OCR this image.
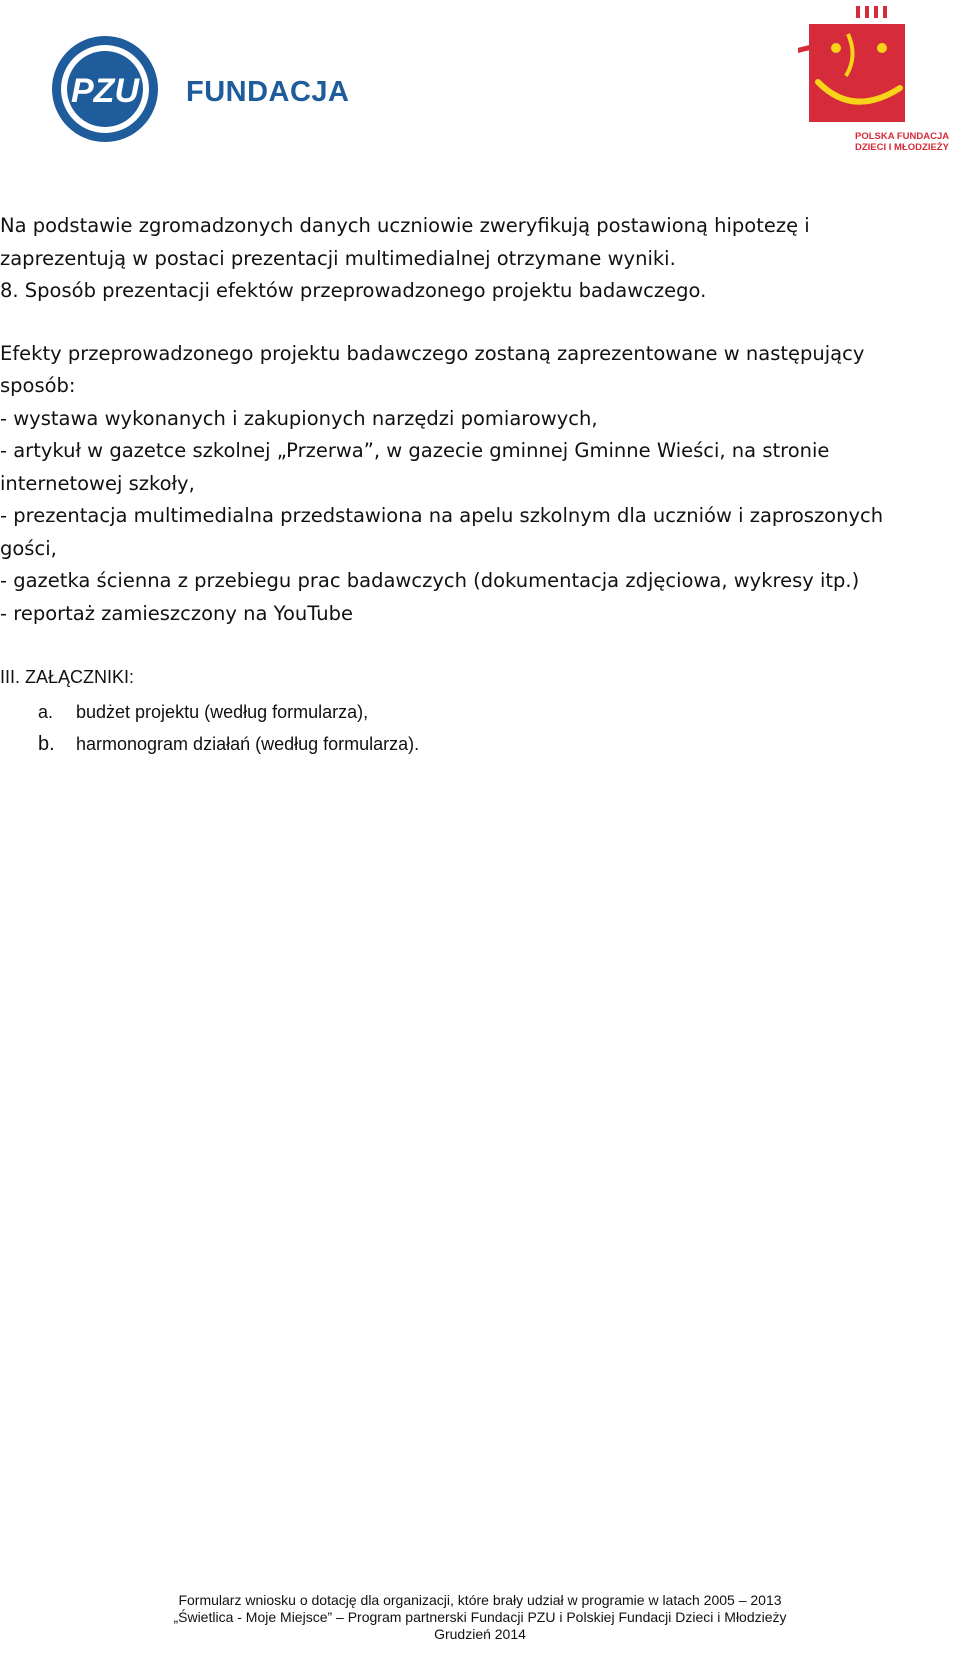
PZU FUNDACJA
POLSKA FUNDACJA
DZIECI I MŁODZIEŻY

Na podstawie zgromadzonych danych uczniowie zweryfikują postawioną hipotezę i

zaprezentują w postaci prezentacji multimedialnej otrzymane wyniki.

8. Sposób prezentacji efektów przeprowadzonego projektu badawczego.

Efekty przeprowadzonego projektu badawczego zostaną zaprezentowane w następujący

sposób:

- wystawa wykonanych i zakupionych narzędzi pomiarowych,

- artykuł w gazetce szkolnej „Przerwa”, w gazecie gminnej Gminne Wieści, na stronie

internetowej szkoły,

- prezentacja multimedialna przedstawiona na apelu szkolnym dla uczniów i zaproszonych

gości,

- gazetka ścienna z przebiegu prac badawczych (dokumentacja zdjęciowa, wykresy itp.)

- reportaż zamieszczony na YouTube

III. ZAŁĄCZNIKI:
a. budżet projektu (według formularza),
b. harmonogram działań (według formularza).
Formularz wniosku o dotację dla organizacji, które brały udział w programie w latach 2005 – 2013
„Świetlica - Moje Miejsce” – Program partnerski Fundacji PZU i Polskiej Fundacji Dzieci i Młodzieży
Grudzień 2014
